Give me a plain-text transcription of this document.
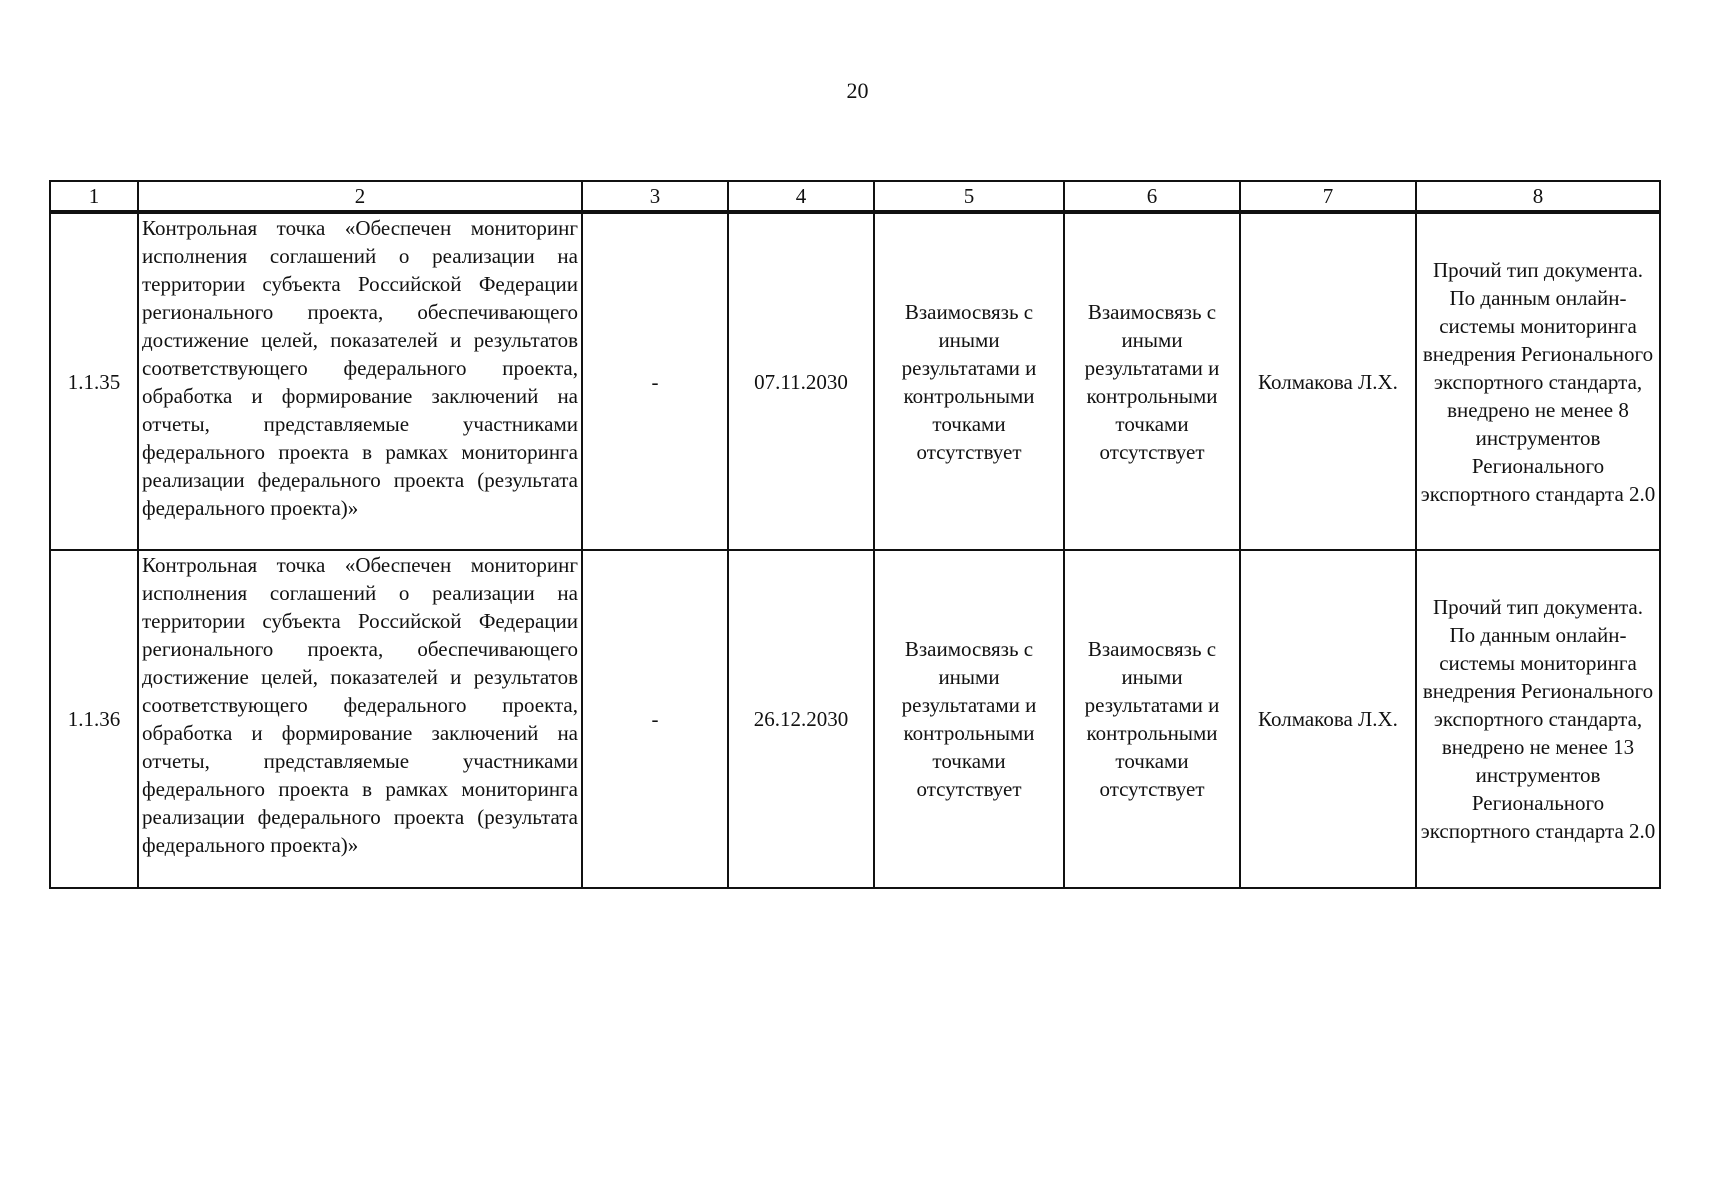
20
1	2	3	4	5	6	7	8
1.1.35	Контрольная точка «Обеспечен мониторинг исполнения соглашений о реализации на территории субъекта Российской Федерации регионального проекта, обеспечивающего достижение целей, показателей и результатов соответствующего федерального проекта, обработка и формирование заключений на отчеты, представляемые участниками федерального проекта в рамках мониторинга реализации федерального проекта (результата федерального проекта)»	-	07.11.2030	Взаимосвязь с иными результатами и контрольными точками отсутствует	Взаимосвязь с иными результатами и контрольными точками отсутствует	Колмакова Л.Х.	Прочий тип документа. По данным онлайн-системы мониторинга внедрения Регионального экспортного стандарта, внедрено не менее 8 инструментов Регионального экспортного стандарта 2.0
1.1.36	Контрольная точка «Обеспечен мониторинг исполнения соглашений о реализации на территории субъекта Российской Федерации регионального проекта, обеспечивающего достижение целей, показателей и результатов соответствующего федерального проекта, обработка и формирование заключений на отчеты, представляемые участниками федерального проекта в рамках мониторинга реализации федерального проекта (результата федерального проекта)»	-	26.12.2030	Взаимосвязь с иными результатами и контрольными точками отсутствует	Взаимосвязь с иными результатами и контрольными точками отсутствует	Колмакова Л.Х.	Прочий тип документа. По данным онлайн-системы мониторинга внедрения Регионального экспортного стандарта, внедрено не менее 13 инструментов Регионального экспортного стандарта 2.0
